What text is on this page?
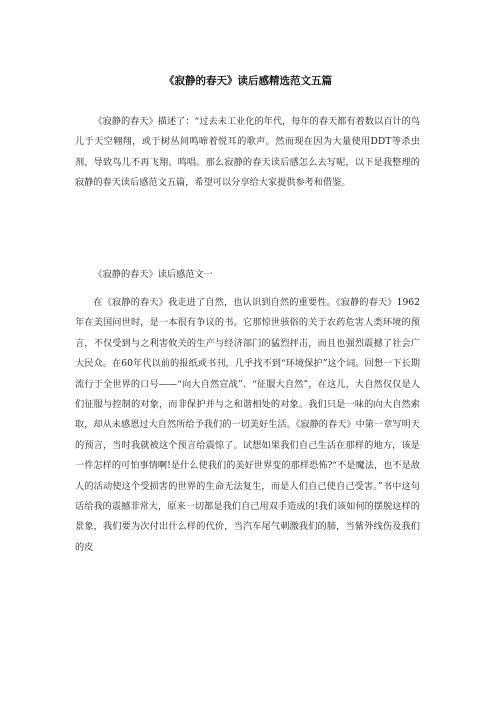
《寂静的春天》读后感精选范文五篇

《寂静的春天》描述了：“过去未工业化的年代，每年的春天都有着数以百计的鸟儿于天空翱翔，或于树丛间鸣啼着悦耳的歌声。然而现在因为大量使用DDT等杀虫剂，导致鸟儿不再飞翔、鸣唱。那么寂静的春天读后感怎么去写呢，以下是我整理的寂静的春天读后感范文五篇，希望可以分享给大家提供参考和借鉴。

《寂静的春天》读后感范文一

在《寂静的春天》我走进了自然，也认识到自然的重要性。《寂静的春天》1962 年在美国问世时，是一本很有争议的书。它那惊世骇俗的关于农药危害人类环境的预言，不仅受到与之利害攸关的生产与经济部门的猛烈抨击，而且也强烈震撼了社会广大民众。在60年代以前的报纸或书刊，几乎找不到“环境保护”这个词。回想一下长期流行于全世界的口号——“向大自然宣战”、“征服大自然”，在这儿，大自然仅仅是人们征服与控制的对象，而非保护并与之和谐相处的对象。我们只是一味的向大自然索取，却从未感恩过大自然所给予我们的一切美好生活。《寂静的春天》中第一章写明天的预言，当时我就被这个预言给震惊了。试想如果我们自己生活在那样的地方，该是一件怎样的可怕事情啊!是什么使我们的美好世界变的那样恐怖?“不是魔法，也不是敌人的活动使这个受损害的世界的生命无法复生，而是人们自己使自己受害。”书中这句话给我的震撼非常大，原来一切都是我们自己用双手造成的!我们该如何的摆脱这样的景象，我们要为次付出什么样的代价，当汽车尾气刺激我们的肺，当紫外线伤及我们的皮
